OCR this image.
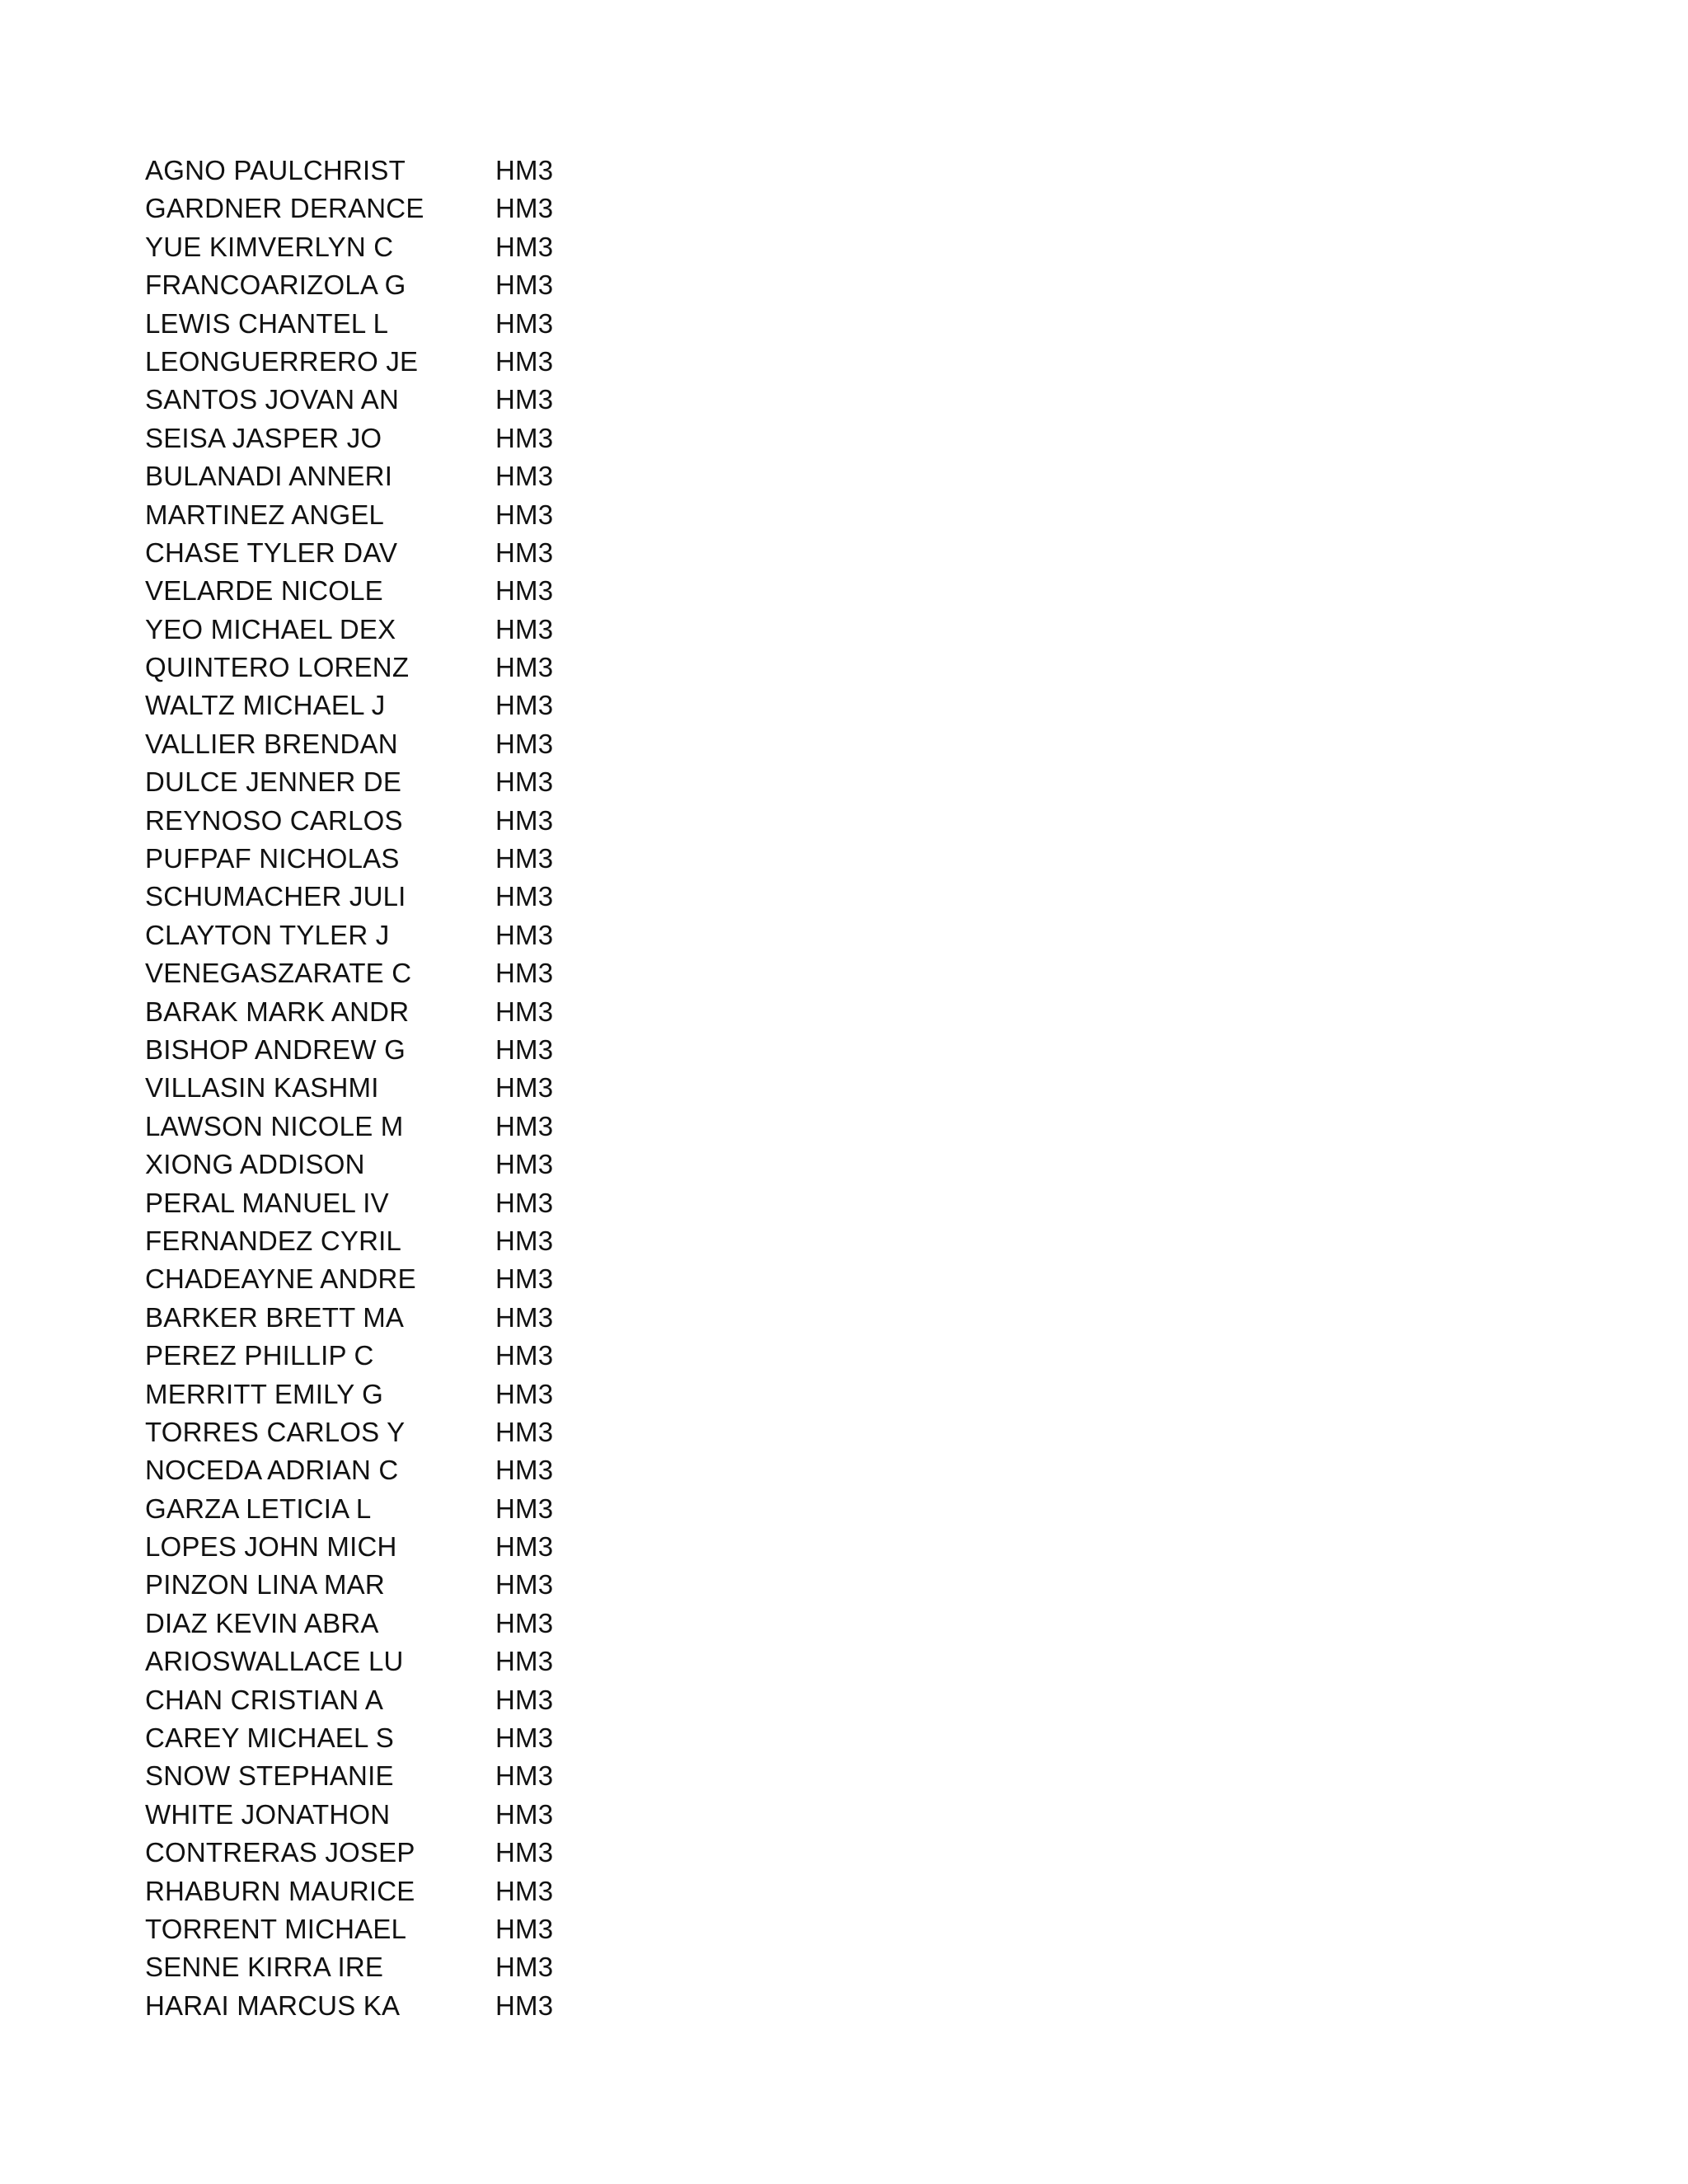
AGNO PAULCHRIST	HM3
GARDNER DERANCE	HM3
YUE KIMVERLYN C	HM3
FRANCOARIZOLA G	HM3
LEWIS CHANTEL L	HM3
LEONGUERRERO JE	HM3
SANTOS JOVAN AN	HM3
SEISA JASPER JO	HM3
BULANADI ANNERI	HM3
MARTINEZ ANGEL	HM3
CHASE TYLER DAV	HM3
VELARDE NICOLE	HM3
YEO MICHAEL DEX	HM3
QUINTERO LORENZ	HM3
WALTZ MICHAEL J	HM3
VALLIER BRENDAN	HM3
DULCE JENNER DE	HM3
REYNOSO CARLOS	HM3
PUFPAF NICHOLAS	HM3
SCHUMACHER JULI	HM3
CLAYTON TYLER J	HM3
VENEGASZARATE C	HM3
BARAK MARK ANDR	HM3
BISHOP ANDREW G	HM3
VILLASIN KASHMI	HM3
LAWSON NICOLE M	HM3
XIONG ADDISON	HM3
PERAL MANUEL IV	HM3
FERNANDEZ CYRIL	HM3
CHADEAYNE ANDRE	HM3
BARKER BRETT MA	HM3
PEREZ PHILLIP C	HM3
MERRITT EMILY G	HM3
TORRES CARLOS Y	HM3
NOCEDA ADRIAN C	HM3
GARZA LETICIA L	HM3
LOPES JOHN MICH	HM3
PINZON LINA MAR	HM3
DIAZ KEVIN ABRA	HM3
ARIOSWALLACE LU	HM3
CHAN CRISTIAN A	HM3
CAREY MICHAEL S	HM3
SNOW STEPHANIE	HM3
WHITE JONATHON	HM3
CONTRERAS JOSEP	HM3
RHABURN MAURICE	HM3
TORRENT MICHAEL	HM3
SENNE KIRRA IRE	HM3
HARAI MARCUS KA	HM3
